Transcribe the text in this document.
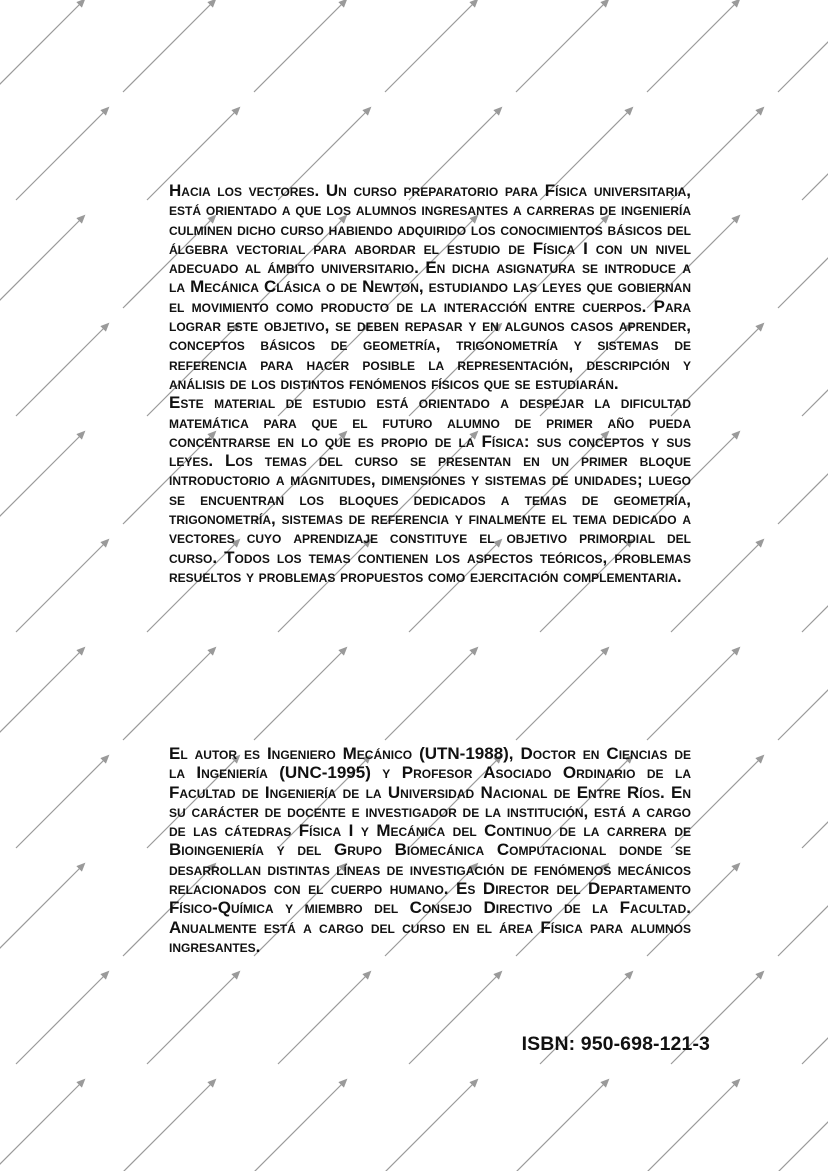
Hacia los vectores. Un curso preparatorio para Física universitaria, está orientado a que los alumnos ingresantes a carreras de ingeniería culminen dicho curso habiendo adquirido los conocimientos básicos del álgebra vectorial para abordar el estudio de Física I con un nivel adecuado al ámbito universitario. En dicha asignatura se introduce a la Mecánica Clásica o de Newton, estudiando las leyes que gobiernan el movimiento como producto de la interacción entre cuerpos. Para lograr este objetivo, se deben repasar y en algunos casos aprender, conceptos básicos de geometría, trigonometría y sistemas de referencia para hacer posible la representación, descripción y análisis de los distintos fenómenos físicos que se estudiarán.

Este material de estudio está orientado a despejar la dificultad matemática para que el futuro alumno de primer año pueda concentrarse en lo que es propio de la Física: sus conceptos y sus leyes. Los temas del curso se presentan en un primer bloque introductorio a magnitudes, dimensiones y sistemas de unidades; luego se encuentran los bloques dedicados a temas de geometría, trigonometría, sistemas de referencia y finalmente el tema dedicado a vectores cuyo aprendizaje constituye el objetivo primordial del curso. Todos los temas contienen los aspectos teóricos, problemas resueltos y problemas propuestos como ejercitación complementaria.

El autor es Ingeniero Mecánico (UTN-1988), Doctor en Ciencias de la Ingeniería (UNC-1995) y Profesor Asociado Ordinario de la Facultad de Ingeniería de la Universidad Nacional de Entre Ríos. En su carácter de docente e investigador de la institución, está a cargo de las cátedras Física I y Mecánica del Continuo de la carrera de Bioingeniería y del Grupo Biomecánica Computacional donde se desarrollan distintas líneas de investigación de fenómenos mecánicos relacionados con el cuerpo humano. Es Director del Departamento Físico-Química y miembro del Consejo Directivo de la Facultad. Anualmente está a cargo del curso en el área Física para alumnos ingresantes.

ISBN: 950-698-121-3
